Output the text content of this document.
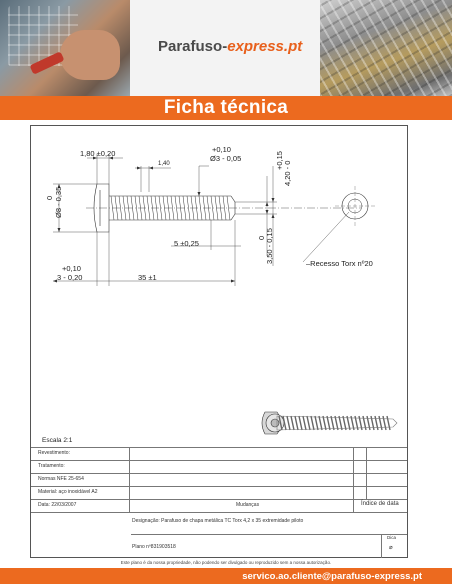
Parafuso-express.pt
Ficha técnica
1,80 ±0,20
1,40
+0,10
Ø3 - 0,05	+0,15
4,20 - 0
0 Ø8 - 0,35
5 ±0,25
0 3,50 - 0,15
+0,10
3 - 0,20	35 ±1
–Recesso Torx nº20
Escala 2:1
Revestimento:
Tratamento:
Normas NFE 25-654
Material: aço inoxidável A2
Data: 22/03/2007	Mudanças	Índice de data
Designação: Parafuso de chapa metálica TC Torx 4,2 x 35 extremidade piloto
Dica
⌀
Plano nº831903518
Este plano é da nossa propriedade, não podendo ser divulgado ou reproduzido sem a nossa autorização.
servico.ao.cliente@parafuso-express.pt
